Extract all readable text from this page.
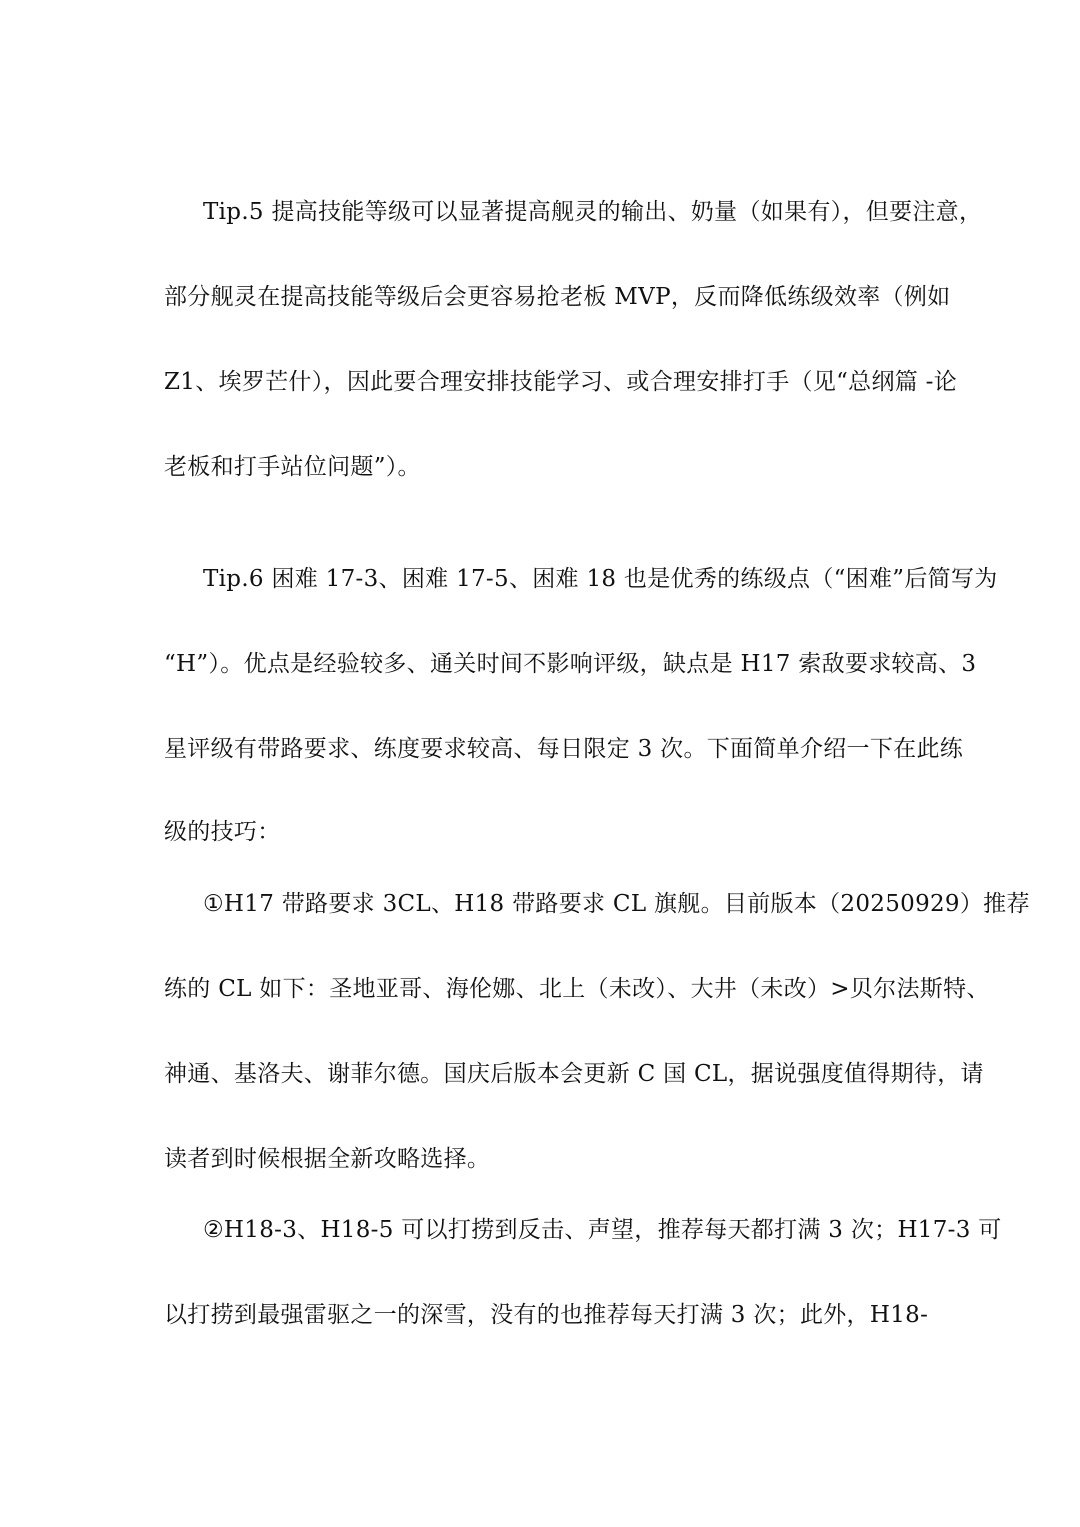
Tip.5 提高技能等级可以显著提高舰灵的输出、奶量（如果有），但要注意，
部分舰灵在提高技能等级后会更容易抢老板 MVP，反而降低练级效率（例如
Z1、埃罗芒什），因此要合理安排技能学习、或合理安排打手（见“总纲篇 -论
老板和打手站位问题”）。
Tip.6 困难 17-3、困难 17-5、困难 18 也是优秀的练级点（“困难”后简写为
“H”）。优点是经验较多、通关时间不影响评级，缺点是 H17 索敌要求较高、3
星评级有带路要求、练度要求较高、每日限定 3 次。下面简单介绍一下在此练
级的技巧：
①H17 带路要求 3CL、H18 带路要求 CL 旗舰。目前版本（20250929）推荐
练的 CL 如下：圣地亚哥、海伦娜、北上（未改）、大井（未改）>贝尔法斯特、
神通、基洛夫、谢菲尔德。国庆后版本会更新 C 国 CL，据说强度值得期待，请
读者到时候根据全新攻略选择。
②H18-3、H18-5 可以打捞到反击、声望，推荐每天都打满 3 次；H17-3 可
以打捞到最强雷驱之一的深雪，没有的也推荐每天打满 3 次；此外，H18-
